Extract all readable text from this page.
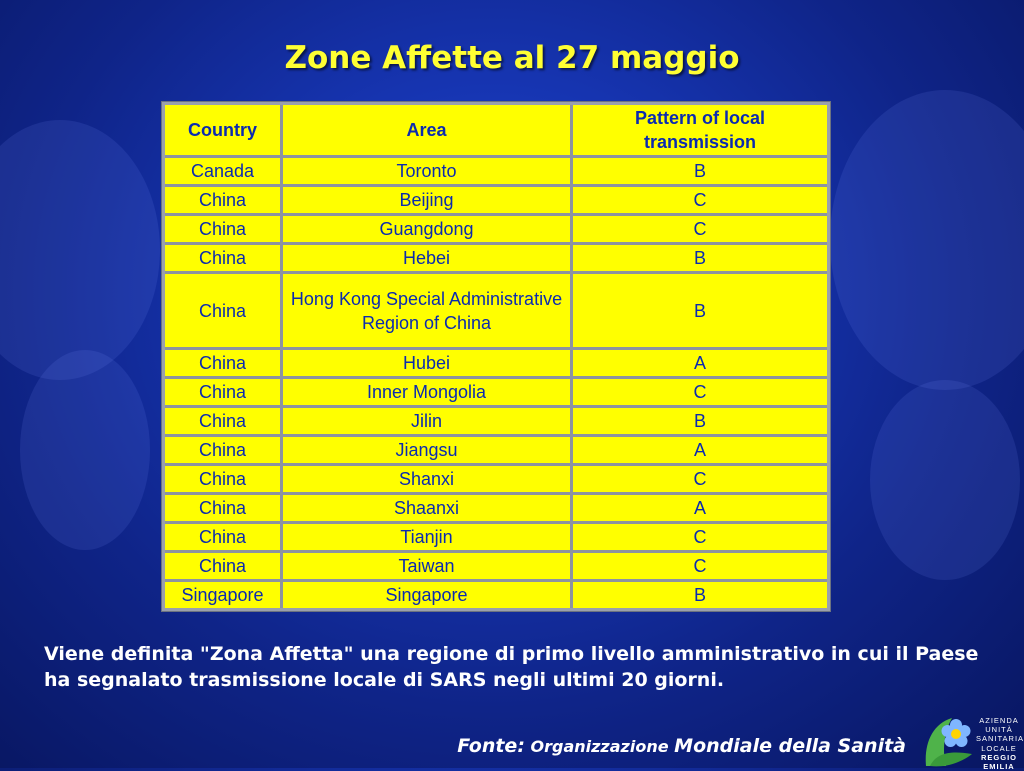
Zone Affette al 27 maggio
Country	Area	Pattern of local transmission
Canada	Toronto	B
China	Beijing	C
China	Guangdong	C
China	Hebei	B
China	Hong Kong Special Administrative Region of China	B
China	Hubei	A
China	Inner Mongolia	C
China	Jilin	B
China	Jiangsu	A
China	Shanxi	C
China	Shaanxi	A
China	Tianjin	C
China	Taiwan	C
Singapore	Singapore	B

Viene definita "Zona Affetta" una regione di primo livello amministrativo in cui il Paese ha segnalato trasmissione locale di SARS negli ultimi 20 giorni.

Fonte: Organizzazione Mondiale della Sanità
AZIENDA
UNITÀ
SANITARIA
LOCALE
REGGIO
EMILIA
